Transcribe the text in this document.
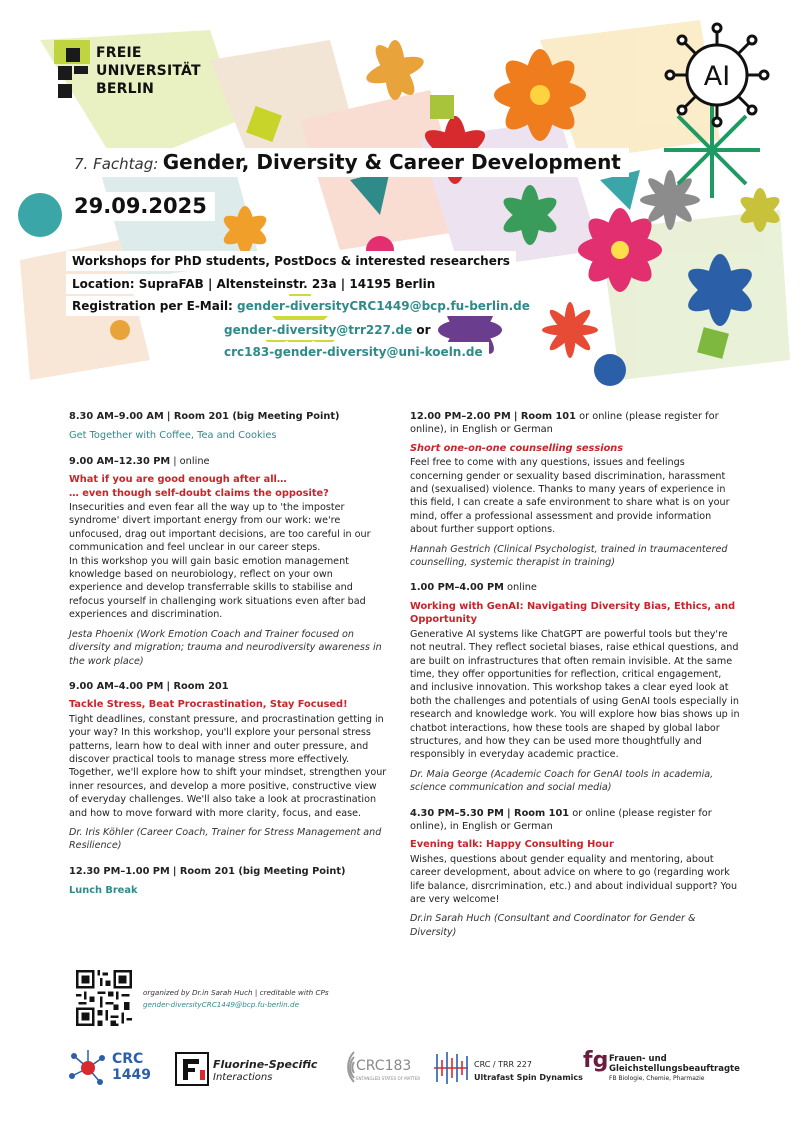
FREIE
UNIVERSITÄT
BERLIN	AI
7. Fachtag: Gender, Diversity & Career Development
29.09.2025
Workshops for PhD students, PostDocs & interested researchers
Location: SupraFAB | Altensteinstr. 23a | 14195 Berlin
Registration per E-Mail: gender-diversityCRC1449@bcp.fu-berlin.de
gender-diversity@trr227.de or
crc183-gender-diversity@uni-koeln.de
8.30 AM–9.00 AM | Room 201 (big Meeting Point)
Get Together with Coffee, Tea and Cookies
9.00 AM–12.30 PM | online
What if you are good enough after all…
… even though self-doubt claims the opposite?
Insecurities and even fear all the way up to 'the imposter syndrome' divert important energy from our work: we're unfocused, drag out important decisions, are too careful in our communication and feel unclear in our career steps.
In this workshop you will gain basic emotion management knowledge based on neurobiology, reflect on your own experience and develop transferrable skills to stabilise and refocus yourself in challenging work situations even after bad experiences and discrimination.
Jesta Phoenix (Work Emotion Coach and Trainer focused on diversity and migration; trauma and neurodiversity awareness in the work place)
9.00 AM–4.00 PM | Room 201
Tackle Stress, Beat Procrastination, Stay Focused!
Tight deadlines, constant pressure, and procrastination getting in your way? In this workshop, you'll explore your personal stress patterns, learn how to deal with inner and outer pressure, and discover practical tools to manage stress more effectively. Together, we'll explore how to shift your mindset, strengthen your inner resources, and develop a more positive, constructive view of everyday challenges. We'll also take a look at procrastination and how to move forward with more clarity, focus, and ease.
Dr. Iris Köhler (Career Coach, Trainer for Stress Management and Resilience)
12.30 PM–1.00 PM | Room 201 (big Meeting Point)
Lunch Break
12.00 PM–2.00 PM | Room 101 or online (please register for online), in English or German
Short one-on-one counselling sessions
Feel free to come with any questions, issues and feelings concerning gender or sexuality based discrimination, harassment and (sexualised) violence. Thanks to many years of experience in this field, I can create a safe environment to share what is on your mind, offer a professional assessment and provide information about further support options.
Hannah Gestrich (Clinical Psychologist, trained in traumacentered counselling, systemic therapist in training)
1.00 PM–4.00 PM online
Working with GenAI: Navigating Diversity Bias, Ethics, and Opportunity
Generative AI systems like ChatGPT are powerful tools but they're not neutral. They reflect societal biases, raise ethical questions, and are built on infrastructures that often remain invisible. At the same time, they offer opportunities for reflection, critical engagement, and inclusive innovation. This workshop takes a clear eyed look at both the challenges and potentials of using GenAI tools especially in research and knowledge work. You will explore how bias shows up in chatbot interactions, how these tools are shaped by global labor structures, and how they can be used more thoughtfully and responsibly in everyday academic practice.
Dr. Maia George (Academic Coach for GenAI tools in academia, science communication and social media)
4.30 PM–5.30 PM | Room 101 or online (please register for online), in English or German
Evening talk: Happy Consulting Hour
Wishes, questions about gender equality and mentoring, about career development, about advice on where to go (regarding work life balance, disrcrimination, etc.) and about individual support? You are very welcome!
Dr.in Sarah Huch (Consultant and Coordinator for Gender & Diversity)
organized by Dr.in Sarah Huch | creditable with CPs
gender-diversityCRC1449@bcp.fu-berlin.de
CRC
1449
Fluorine-Specific
Interactions
CRC183
ENTANGLED STATES OF MATTER
CRC / TRR 227
Ultrafast Spin Dynamics
fg Frauen- und
Gleichstellungsbeauftragte
FB Biologie, Chemie, Pharmazie
